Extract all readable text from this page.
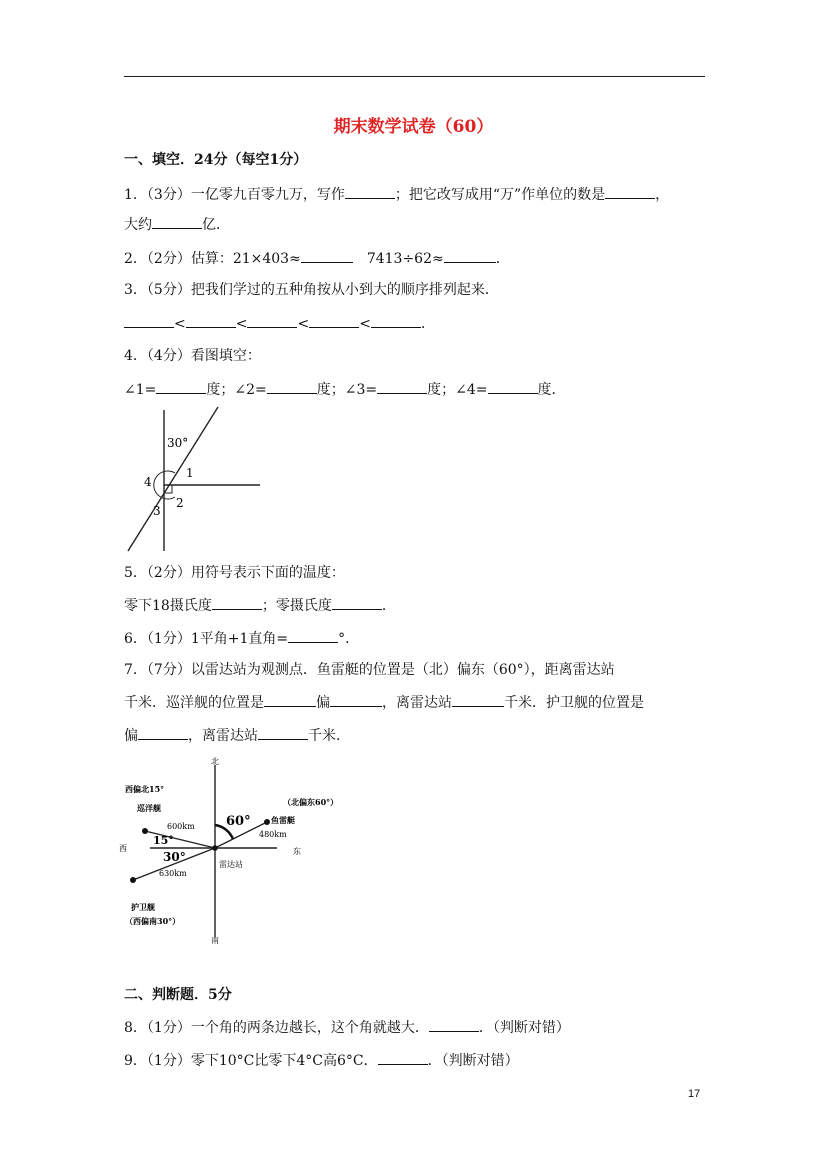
期末数学试卷（60）
一、填空．24分（每空1分）
1．（3分）一亿零九百零九万，写作	；把它改写成用“万”作单位的数是	，
大约	亿．
2．（2分）估算：21×403≈	7413÷62≈	．
3．（5分）把我们学过的五种角按从小到大的顺序排列起来．
<	<	<	<	．
4．（4分）看图填空：
∠1=	度；∠2=	度；∠3=	度；∠4=	度．
30°
1
2
3
4
5．（2分）用符号表示下面的温度：
零下18摄氏度	；零摄氏度	．
6．（1分）1平角+1直角=	°．
7．（7分）以雷达站为观测点．鱼雷艇的位置是（北）偏东（60°），距离雷达站
千米．巡洋舰的位置是	偏	，离雷达站	千米．护卫舰的位置是
偏	，离雷达站	千米．
北
南
东
西
雷达站
西偏北15°
巡洋舰
600km
（北偏东60°）
鱼雷艇
480km
630km
护卫舰
（西偏南30°）
15°
30°
60°
二、判断题．5分
8．（1分）一个角的两条边越长，这个角就越大．	．（判断对错）
9．（1分）零下10°C比零下4°C高6°C．	．（判断对错）
17
